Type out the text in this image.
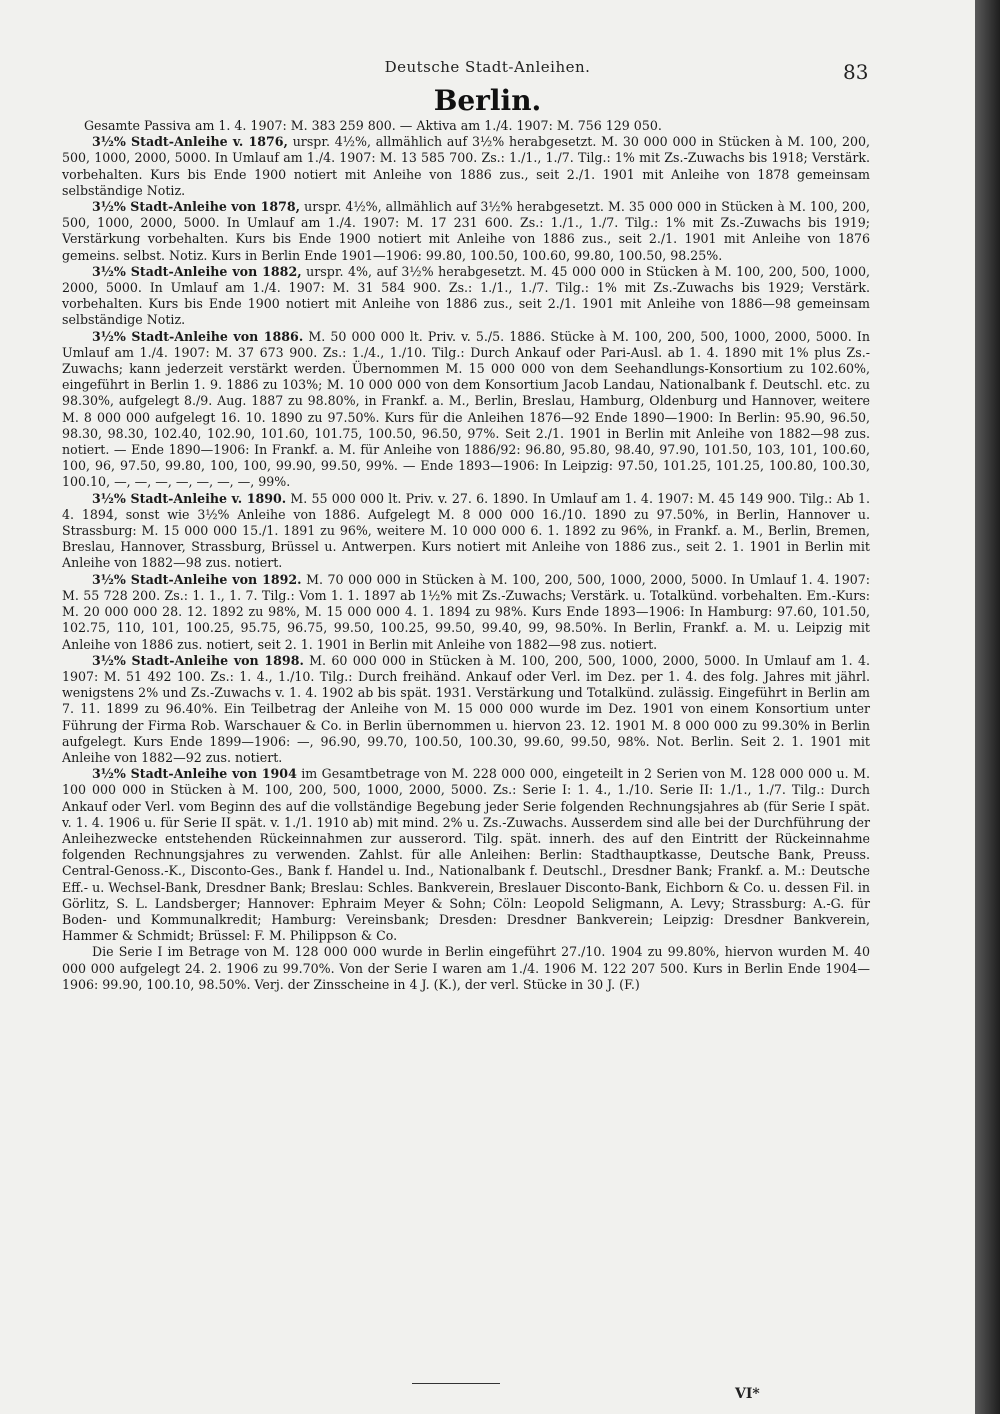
Deutsche Stadt-Anleihen.	83
Berlin.

Gesamte Passiva am 1. 4. 1907: M. 383 259 800. — Aktiva am 1./4. 1907: M. 756 129 050.

3½% Stadt-Anleihe v. 1876, urspr. 4½%, allmählich auf 3½% herabgesetzt. M. 30 000 000 in Stücken à M. 100, 200, 500, 1000, 2000, 5000. In Umlauf am 1./4. 1907: M. 13 585 700. Zs.: 1./1., 1./7. Tilg.: 1% mit Zs.-Zuwachs bis 1918; Verstärk. vorbehalten. Kurs bis Ende 1900 notiert mit Anleihe von 1886 zus., seit 2./1. 1901 mit Anleihe von 1878 gemeinsam selbständige Notiz.

3½% Stadt-Anleihe von 1878, urspr. 4½%, allmählich auf 3½% herabgesetzt. M. 35 000 000 in Stücken à M. 100, 200, 500, 1000, 2000, 5000. In Umlauf am 1./4. 1907: M. 17 231 600. Zs.: 1./1., 1./7. Tilg.: 1% mit Zs.-Zuwachs bis 1919; Verstärkung vorbehalten. Kurs bis Ende 1900 notiert mit Anleihe von 1886 zus., seit 2./1. 1901 mit Anleihe von 1876 gemeins. selbst. Notiz. Kurs in Berlin Ende 1901—1906: 99.80, 100.50, 100.60, 99.80, 100.50, 98.25%.

3½% Stadt-Anleihe von 1882, urspr. 4%, auf 3½% herabgesetzt. M. 45 000 000 in Stücken à M. 100, 200, 500, 1000, 2000, 5000. In Umlauf am 1./4. 1907: M. 31 584 900. Zs.: 1./1., 1./7. Tilg.: 1% mit Zs.-Zuwachs bis 1929; Verstärk. vorbehalten. Kurs bis Ende 1900 notiert mit Anleihe von 1886 zus., seit 2./1. 1901 mit Anleihe von 1886—98 gemeinsam selbständige Notiz.

3½% Stadt-Anleihe von 1886. M. 50 000 000 lt. Priv. v. 5./5. 1886. Stücke à M. 100, 200, 500, 1000, 2000, 5000. In Umlauf am 1./4. 1907: M. 37 673 900. Zs.: 1./4., 1./10. Tilg.: Durch Ankauf oder Pari-Ausl. ab 1. 4. 1890 mit 1% plus Zs.-Zuwachs; kann jederzeit verstärkt werden. Übernommen M. 15 000 000 von dem Seehandlungs-Konsortium zu 102.60%, eingeführt in Berlin 1. 9. 1886 zu 103%; M. 10 000 000 von dem Konsortium Jacob Landau, Nationalbank f. Deutschl. etc. zu 98.30%, aufgelegt 8./9. Aug. 1887 zu 98.80%, in Frankf. a. M., Berlin, Breslau, Hamburg, Oldenburg und Hannover, weitere M. 8 000 000 aufgelegt 16. 10. 1890 zu 97.50%. Kurs für die Anleihen 1876—92 Ende 1890—1900: In Berlin: 95.90, 96.50, 98.30, 98.30, 102.40, 102.90, 101.60, 101.75, 100.50, 96.50, 97%. Seit 2./1. 1901 in Berlin mit Anleihe von 1882—98 zus. notiert. — Ende 1890—1906: In Frankf. a. M. für Anleihe von 1886/92: 96.80, 95.80, 98.40, 97.90, 101.50, 103, 101, 100.60, 100, 96, 97.50, 99.80, 100, 100, 99.90, 99.50, 99%. — Ende 1893—1906: In Leipzig: 97.50, 101.25, 101.25, 100.80, 100.30, 100.10, —, —, —, —, —, —, —, 99%.

3½% Stadt-Anleihe v. 1890. M. 55 000 000 lt. Priv. v. 27. 6. 1890. In Umlauf am 1. 4. 1907: M. 45 149 900. Tilg.: Ab 1. 4. 1894, sonst wie 3½% Anleihe von 1886. Aufgelegt M. 8 000 000 16./10. 1890 zu 97.50%, in Berlin, Hannover u. Strassburg: M. 15 000 000 15./1. 1891 zu 96%, weitere M. 10 000 000 6. 1. 1892 zu 96%, in Frankf. a. M., Berlin, Bremen, Breslau, Hannover, Strassburg, Brüssel u. Antwerpen. Kurs notiert mit Anleihe von 1886 zus., seit 2. 1. 1901 in Berlin mit Anleihe von 1882—98 zus. notiert.

3½% Stadt-Anleihe von 1892. M. 70 000 000 in Stücken à M. 100, 200, 500, 1000, 2000, 5000. In Umlauf 1. 4. 1907: M. 55 728 200. Zs.: 1. 1., 1. 7. Tilg.: Vom 1. 1. 1897 ab 1½% mit Zs.-Zuwachs; Verstärk. u. Totalkünd. vorbehalten. Em.-Kurs: M. 20 000 000 28. 12. 1892 zu 98%, M. 15 000 000 4. 1. 1894 zu 98%. Kurs Ende 1893—1906: In Hamburg: 97.60, 101.50, 102.75, 110, 101, 100.25, 95.75, 96.75, 99.50, 100.25, 99.50, 99.40, 99, 98.50%. In Berlin, Frankf. a. M. u. Leipzig mit Anleihe von 1886 zus. notiert, seit 2. 1. 1901 in Berlin mit Anleihe von 1882—98 zus. notiert.

3½% Stadt-Anleihe von 1898. M. 60 000 000 in Stücken à M. 100, 200, 500, 1000, 2000, 5000. In Umlauf am 1. 4. 1907: M. 51 492 100. Zs.: 1. 4., 1./10. Tilg.: Durch freihänd. Ankauf oder Verl. im Dez. per 1. 4. des folg. Jahres mit jährl. wenigstens 2% und Zs.-Zuwachs v. 1. 4. 1902 ab bis spät. 1931. Verstärkung und Totalkünd. zulässig. Eingeführt in Berlin am 7. 11. 1899 zu 96.40%. Ein Teilbetrag der Anleihe von M. 15 000 000 wurde im Dez. 1901 von einem Konsortium unter Führung der Firma Rob. Warschauer & Co. in Berlin übernommen u. hiervon 23. 12. 1901 M. 8 000 000 zu 99.30% in Berlin aufgelegt. Kurs Ende 1899—1906: —, 96.90, 99.70, 100.50, 100.30, 99.60, 99.50, 98%. Not. Berlin. Seit 2. 1. 1901 mit Anleihe von 1882—92 zus. notiert.

3½% Stadt-Anleihe von 1904 im Gesamtbetrage von M. 228 000 000, eingeteilt in 2 Serien von M. 128 000 000 u. M. 100 000 000 in Stücken à M. 100, 200, 500, 1000, 2000, 5000. Zs.: Serie I: 1. 4., 1./10. Serie II: 1./1., 1./7. Tilg.: Durch Ankauf oder Verl. vom Beginn des auf die vollständige Begebung jeder Serie folgenden Rechnungsjahres ab (für Serie I spät. v. 1. 4. 1906 u. für Serie II spät. v. 1./1. 1910 ab) mit mind. 2% u. Zs.-Zuwachs. Ausserdem sind alle bei der Durchführung der Anleihezwecke entstehenden Rückeinnahmen zur ausserord. Tilg. spät. innerh. des auf den Eintritt der Rückeinnahme folgenden Rechnungsjahres zu verwenden. Zahlst. für alle Anleihen: Berlin: Stadthauptkasse, Deutsche Bank, Preuss. Central-Genoss.-K., Disconto-Ges., Bank f. Handel u. Ind., Nationalbank f. Deutschl., Dresdner Bank; Frankf. a. M.: Deutsche Eff.- u. Wechsel-Bank, Dresdner Bank; Breslau: Schles. Bankverein, Breslauer Disconto-Bank, Eichborn & Co. u. dessen Fil. in Görlitz, S. L. Landsberger; Hannover: Ephraim Meyer & Sohn; Cöln: Leopold Seligmann, A. Levy; Strassburg: A.-G. für Boden- und Kommunalkredit; Hamburg: Vereinsbank; Dresden: Dresdner Bankverein; Leipzig: Dresdner Bankverein, Hammer & Schmidt; Brüssel: F. M. Philippson & Co.

Die Serie I im Betrage von M. 128 000 000 wurde in Berlin eingeführt 27./10. 1904 zu 99.80%, hiervon wurden M. 40 000 000 aufgelegt 24. 2. 1906 zu 99.70%. Von der Serie I waren am 1./4. 1906 M. 122 207 500. Kurs in Berlin Ende 1904—1906: 99.90, 100.10, 98.50%. Verj. der Zinsscheine in 4 J. (K.), der verl. Stücke in 30 J. (F.)

VI*
